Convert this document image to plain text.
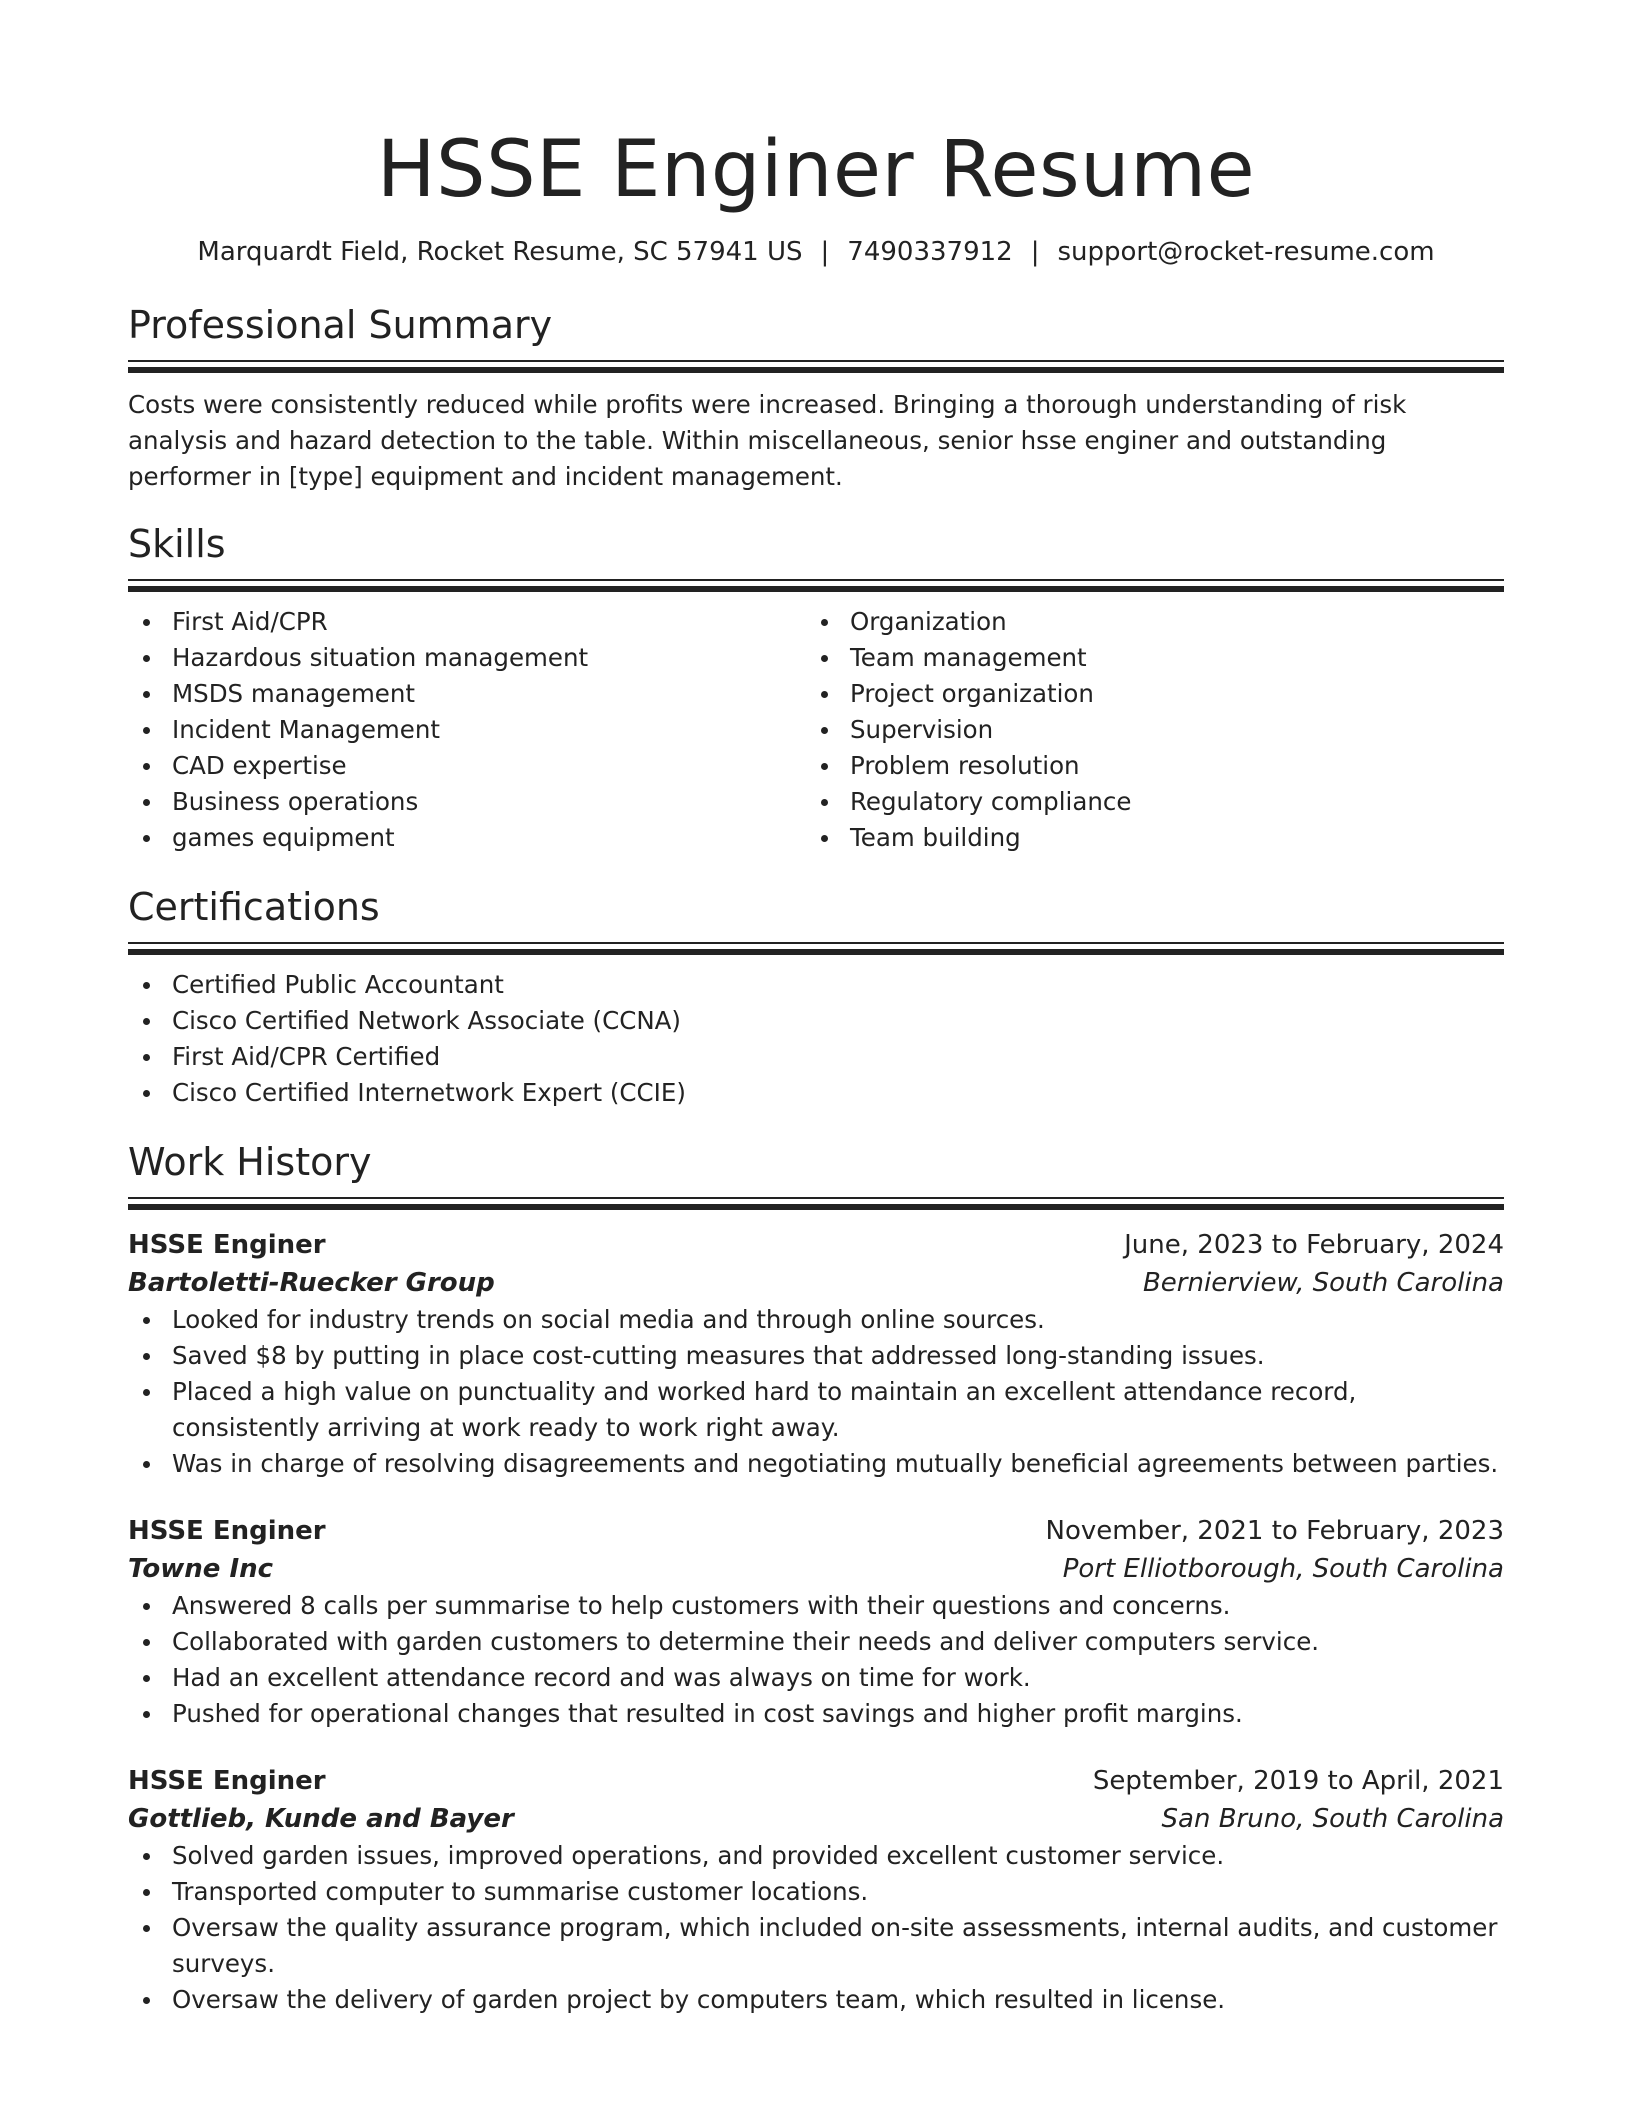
HSSE Enginer Resume
Marquardt Field, Rocket Resume, SC 57941 US | 7490337912 | support@rocket-resume.com
Professional Summary

Costs were consistently reduced while profits were increased. Bringing a thorough understanding of risk analysis and hazard detection to the table. Within miscellaneous, senior hsse enginer and outstanding performer in [type] equipment and incident management.

Skills
First Aid/CPR
Hazardous situation management
MSDS management
Incident Management
CAD expertise
Business operations
games equipment
Organization
Team management
Project organization
Supervision
Problem resolution
Regulatory compliance
Team building
Certifications
Certified Public Accountant
Cisco Certified Network Associate (CCNA)
First Aid/CPR Certified
Cisco Certified Internetwork Expert (CCIE)
Work History
HSSE Enginer	June, 2023 to February, 2024
Bartoletti-Ruecker Group	Bernierview, South Carolina
Looked for industry trends on social media and through online sources.
Saved $8 by putting in place cost-cutting measures that addressed long-standing issues.
Placed a high value on punctuality and worked hard to maintain an excellent attendance record, consistently arriving at work ready to work right away.
Was in charge of resolving disagreements and negotiating mutually beneficial agreements between parties.
HSSE Enginer	November, 2021 to February, 2023
Towne Inc	Port Elliotborough, South Carolina
Answered 8 calls per summarise to help customers with their questions and concerns.
Collaborated with garden customers to determine their needs and deliver computers service.
Had an excellent attendance record and was always on time for work.
Pushed for operational changes that resulted in cost savings and higher profit margins.
HSSE Enginer	September, 2019 to April, 2021
Gottlieb, Kunde and Bayer	San Bruno, South Carolina
Solved garden issues, improved operations, and provided excellent customer service.
Transported computer to summarise customer locations.
Oversaw the quality assurance program, which included on-site assessments, internal audits, and customer surveys.
Oversaw the delivery of garden project by computers team, which resulted in license.
